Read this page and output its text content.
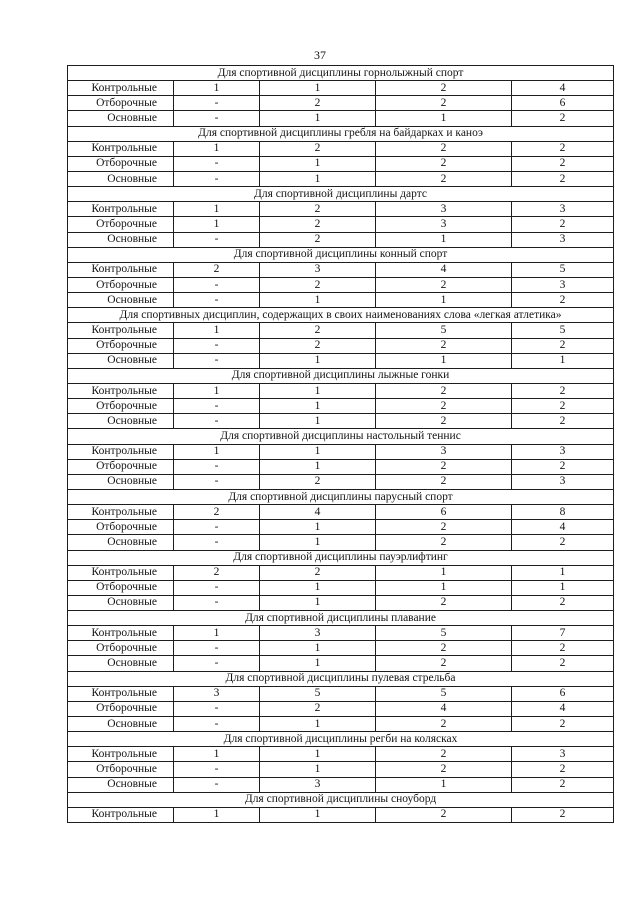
37
Для спортивной дисциплины горнолыжный спорт				
Контрольные	1	1	2	4
Отборочные	-	2	2	6
Основные	-	1	1	2
Для спортивной дисциплины гребля на байдарках и каноэ				
Контрольные	1	2	2	2
Отборочные	-	1	2	2
Основные	-	1	2	2
Для спортивной дисциплины дартс				
Контрольные	1	2	3	3
Отборочные	1	2	3	2
Основные	-	2	1	3
Для спортивной дисциплины конный спорт				
Контрольные	2	3	4	5
Отборочные	-	2	2	3
Основные	-	1	1	2
Для спортивных дисциплин, содержащих в своих наименованиях слова «легкая атлетика»				
Контрольные	1	2	5	5
Отборочные	-	2	2	2
Основные	-	1	1	1
Для спортивной дисциплины лыжные гонки				
Контрольные	1	1	2	2
Отборочные	-	1	2	2
Основные	-	1	2	2
Для спортивной дисциплины настольный теннис				
Контрольные	1	1	3	3
Отборочные	-	1	2	2
Основные	-	2	2	3
Для спортивной дисциплины парусный спорт				
Контрольные	2	4	6	8
Отборочные	-	1	2	4
Основные	-	1	2	2
Для спортивной дисциплины пауэрлифтинг				
Контрольные	2	2	1	1
Отборочные	-	1	1	1
Основные	-	1	2	2
Для спортивной дисциплины плавание				
Контрольные	1	3	5	7
Отборочные	-	1	2	2
Основные	-	1	2	2
Для спортивной дисциплины пулевая стрельба				
Контрольные	3	5	5	6
Отборочные	-	2	4	4
Основные	-	1	2	2
Для спортивной дисциплины регби на колясках				
Контрольные	1	1	2	3
Отборочные	-	1	2	2
Основные	-	3	1	2
Для спортивной дисциплины сноуборд				
Контрольные	1	1	2	2
